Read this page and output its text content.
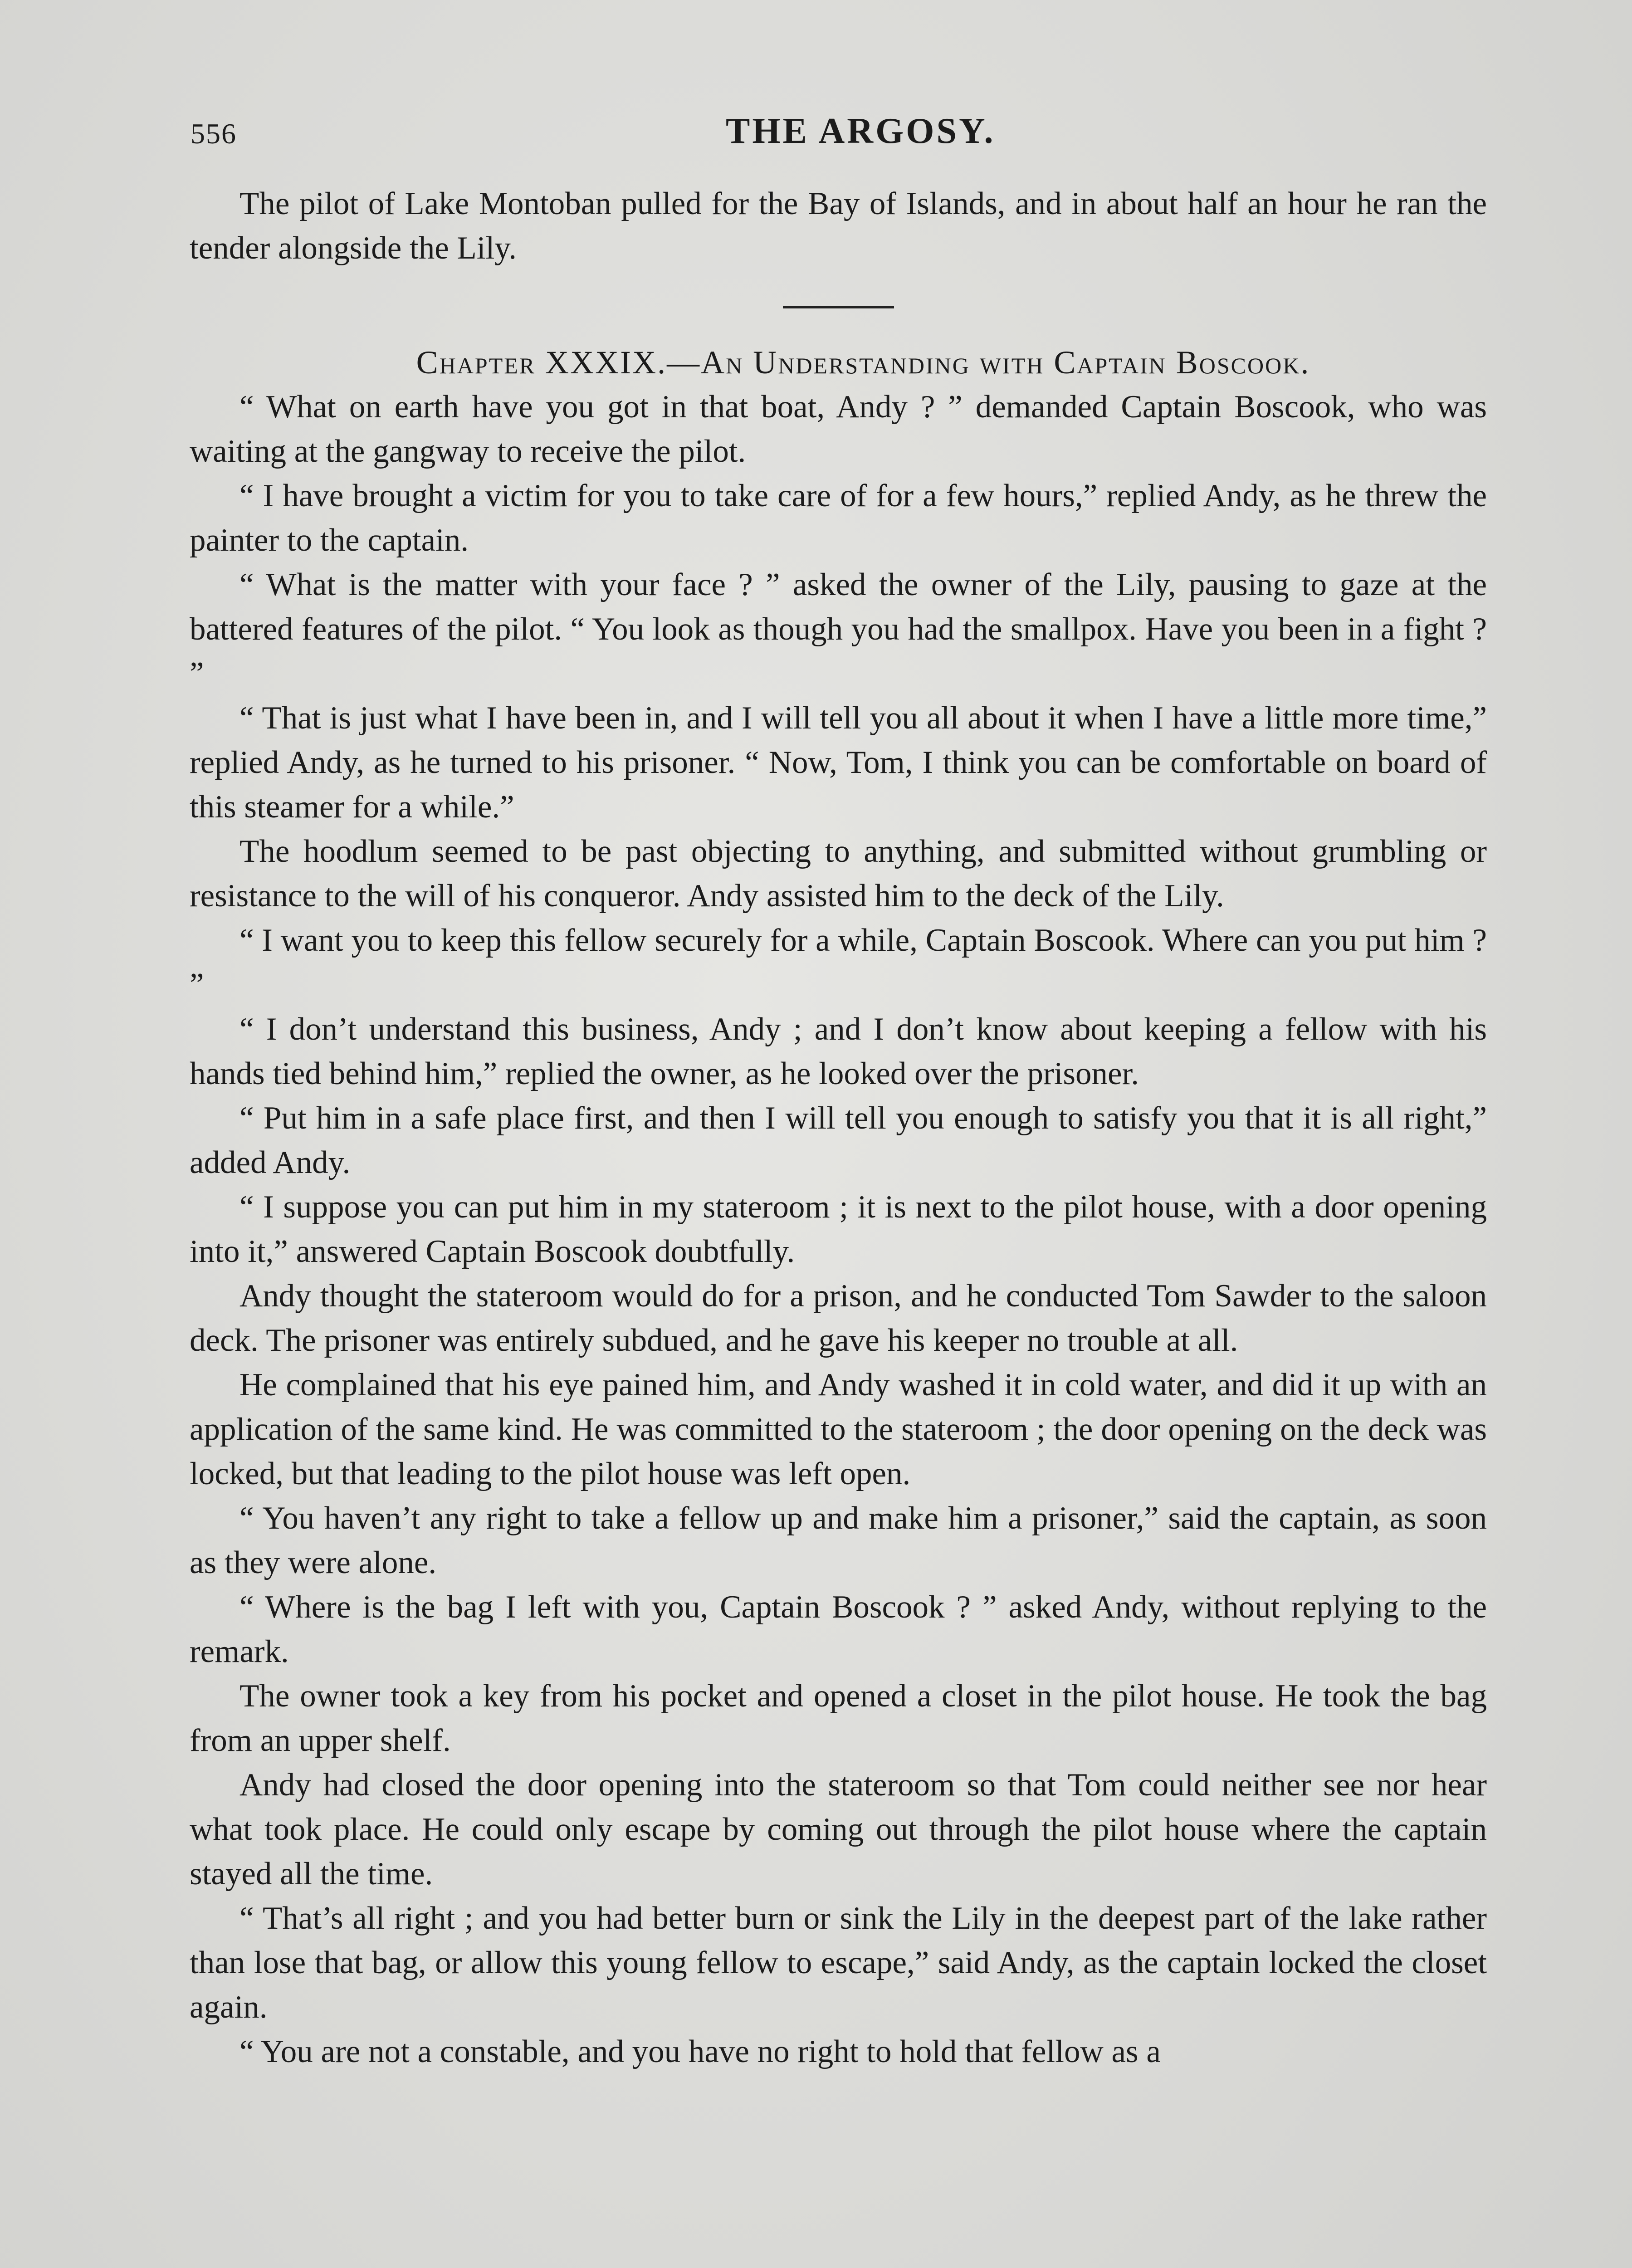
556	THE ARGOSY.

The pilot of Lake Montoban pulled for the Bay of Islands, and in about half an hour he ran the tender alongside the Lily.

Chapter XXXIX.—An Understanding with Captain Boscook.

“ What on earth have you got in that boat, Andy ? ” demanded Captain Boscook, who was waiting at the gangway to receive the pilot.

“ I have brought a victim for you to take care of for a few hours,” replied Andy, as he threw the painter to the captain.

“ What is the matter with your face ? ” asked the owner of the Lily, pausing to gaze at the battered features of the pilot. “ You look as though you had the smallpox. Have you been in a fight ? ”

“ That is just what I have been in, and I will tell you all about it when I have a little more time,” replied Andy, as he turned to his prisoner. “ Now, Tom, I think you can be comfortable on board of this steamer for a while.”

The hoodlum seemed to be past objecting to anything, and submitted without grumbling or resistance to the will of his conqueror. Andy assisted him to the deck of the Lily.

“ I want you to keep this fellow securely for a while, Captain Boscook. Where can you put him ? ”

“ I don’t understand this business, Andy ; and I don’t know about keeping a fellow with his hands tied behind him,” replied the owner, as he looked over the prisoner.

“ Put him in a safe place first, and then I will tell you enough to satisfy you that it is all right,” added Andy.

“ I suppose you can put him in my stateroom ; it is next to the pilot house, with a door opening into it,” answered Captain Boscook doubtfully.

Andy thought the stateroom would do for a prison, and he conducted Tom Sawder to the saloon deck. The prisoner was entirely subdued, and he gave his keeper no trouble at all.

He complained that his eye pained him, and Andy washed it in cold water, and did it up with an application of the same kind. He was committed to the stateroom ; the door opening on the deck was locked, but that leading to the pilot house was left open.

“ You haven’t any right to take a fellow up and make him a prisoner,” said the captain, as soon as they were alone.

“ Where is the bag I left with you, Captain Boscook ? ” asked Andy, without replying to the remark.

The owner took a key from his pocket and opened a closet in the pilot house. He took the bag from an upper shelf.

Andy had closed the door opening into the stateroom so that Tom could neither see nor hear what took place. He could only escape by coming out through the pilot house where the captain stayed all the time.

“ That’s all right ; and you had better burn or sink the Lily in the deepest part of the lake rather than lose that bag, or allow this young fellow to escape,” said Andy, as the captain locked the closet again.

“ You are not a constable, and you have no right to hold that fellow as a
